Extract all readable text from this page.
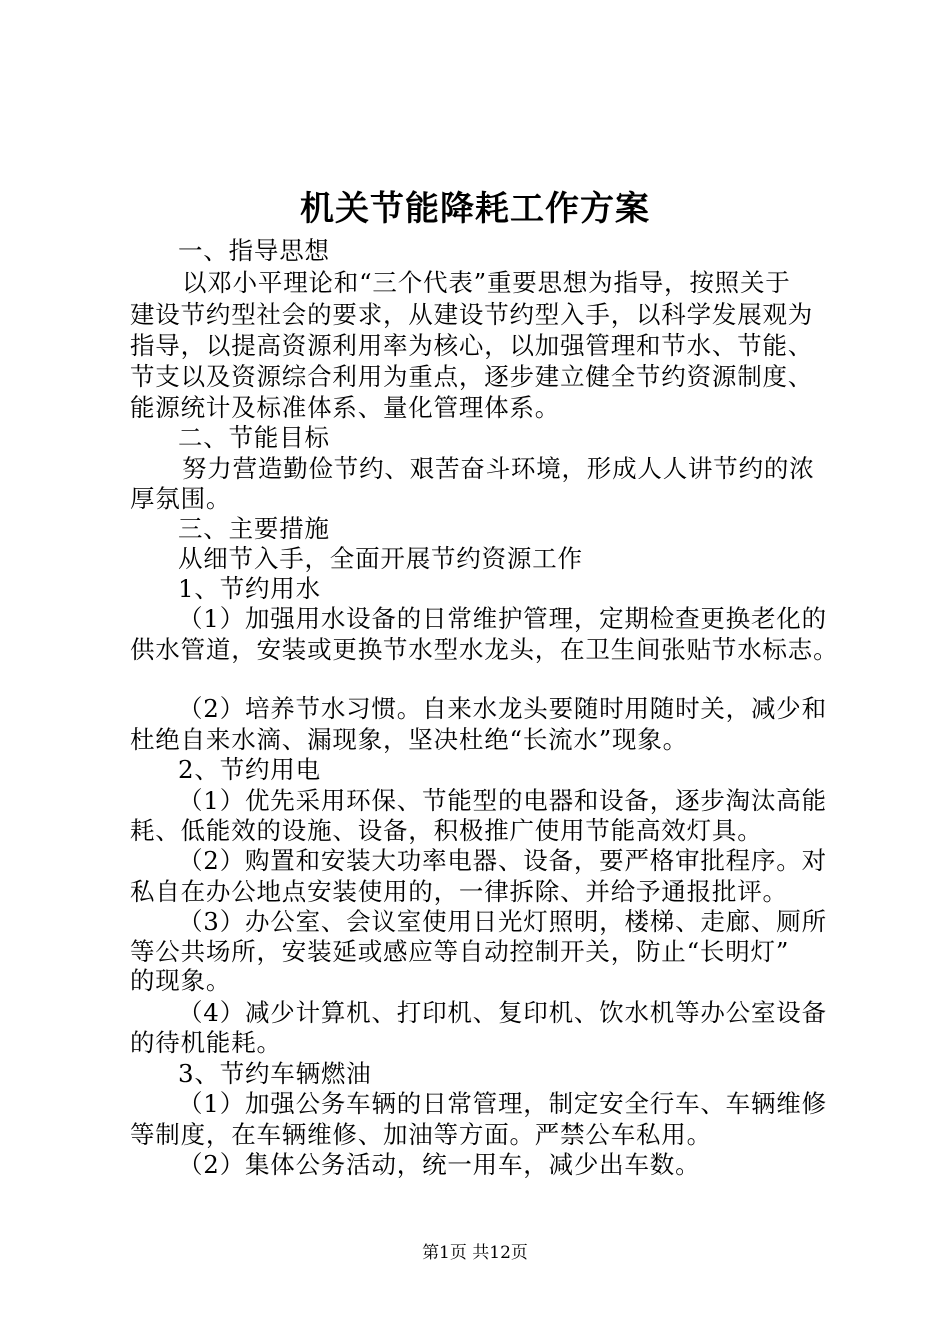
机关节能降耗工作方案
一、指导思想
以邓小平理论和“三个代表”重要思想为指导，按照关于
建设节约型社会的要求，从建设节约型入手，以科学发展观为
指导，以提高资源利用率为核心，以加强管理和节水、节能、
节支以及资源综合利用为重点，逐步建立健全节约资源制度、
能源统计及标准体系、量化管理体系。
二、节能目标
努力营造勤俭节约、艰苦奋斗环境，形成人人讲节约的浓
厚氛围。
三、主要措施
从细节入手，全面开展节约资源工作
1、节约用水
（1）加强用水设备的日常维护管理，定期检查更换老化的
供水管道，安装或更换节水型水龙头，在卫生间张贴节水标志。
（2）培养节水习惯。自来水龙头要随时用随时关，减少和
杜绝自来水滴、漏现象，坚决杜绝“长流水”现象。
2、节约用电
（1）优先采用环保、节能型的电器和设备，逐步淘汰高能
耗、低能效的设施、设备，积极推广使用节能高效灯具。
（2）购置和安装大功率电器、设备，要严格审批程序。对
私自在办公地点安装使用的，一律拆除、并给予通报批评。
（3）办公室、会议室使用日光灯照明，楼梯、走廊、厕所
等公共场所，安装延或感应等自动控制开关，防止“长明灯”
的现象。
（4）减少计算机、打印机、复印机、饮水机等办公室设备
的待机能耗。
3、节约车辆燃油
（1）加强公务车辆的日常管理，制定安全行车、车辆维修
等制度，在车辆维修、加油等方面。严禁公车私用。
（2）集体公务活动，统一用车，减少出车数。
第1页 共12页
